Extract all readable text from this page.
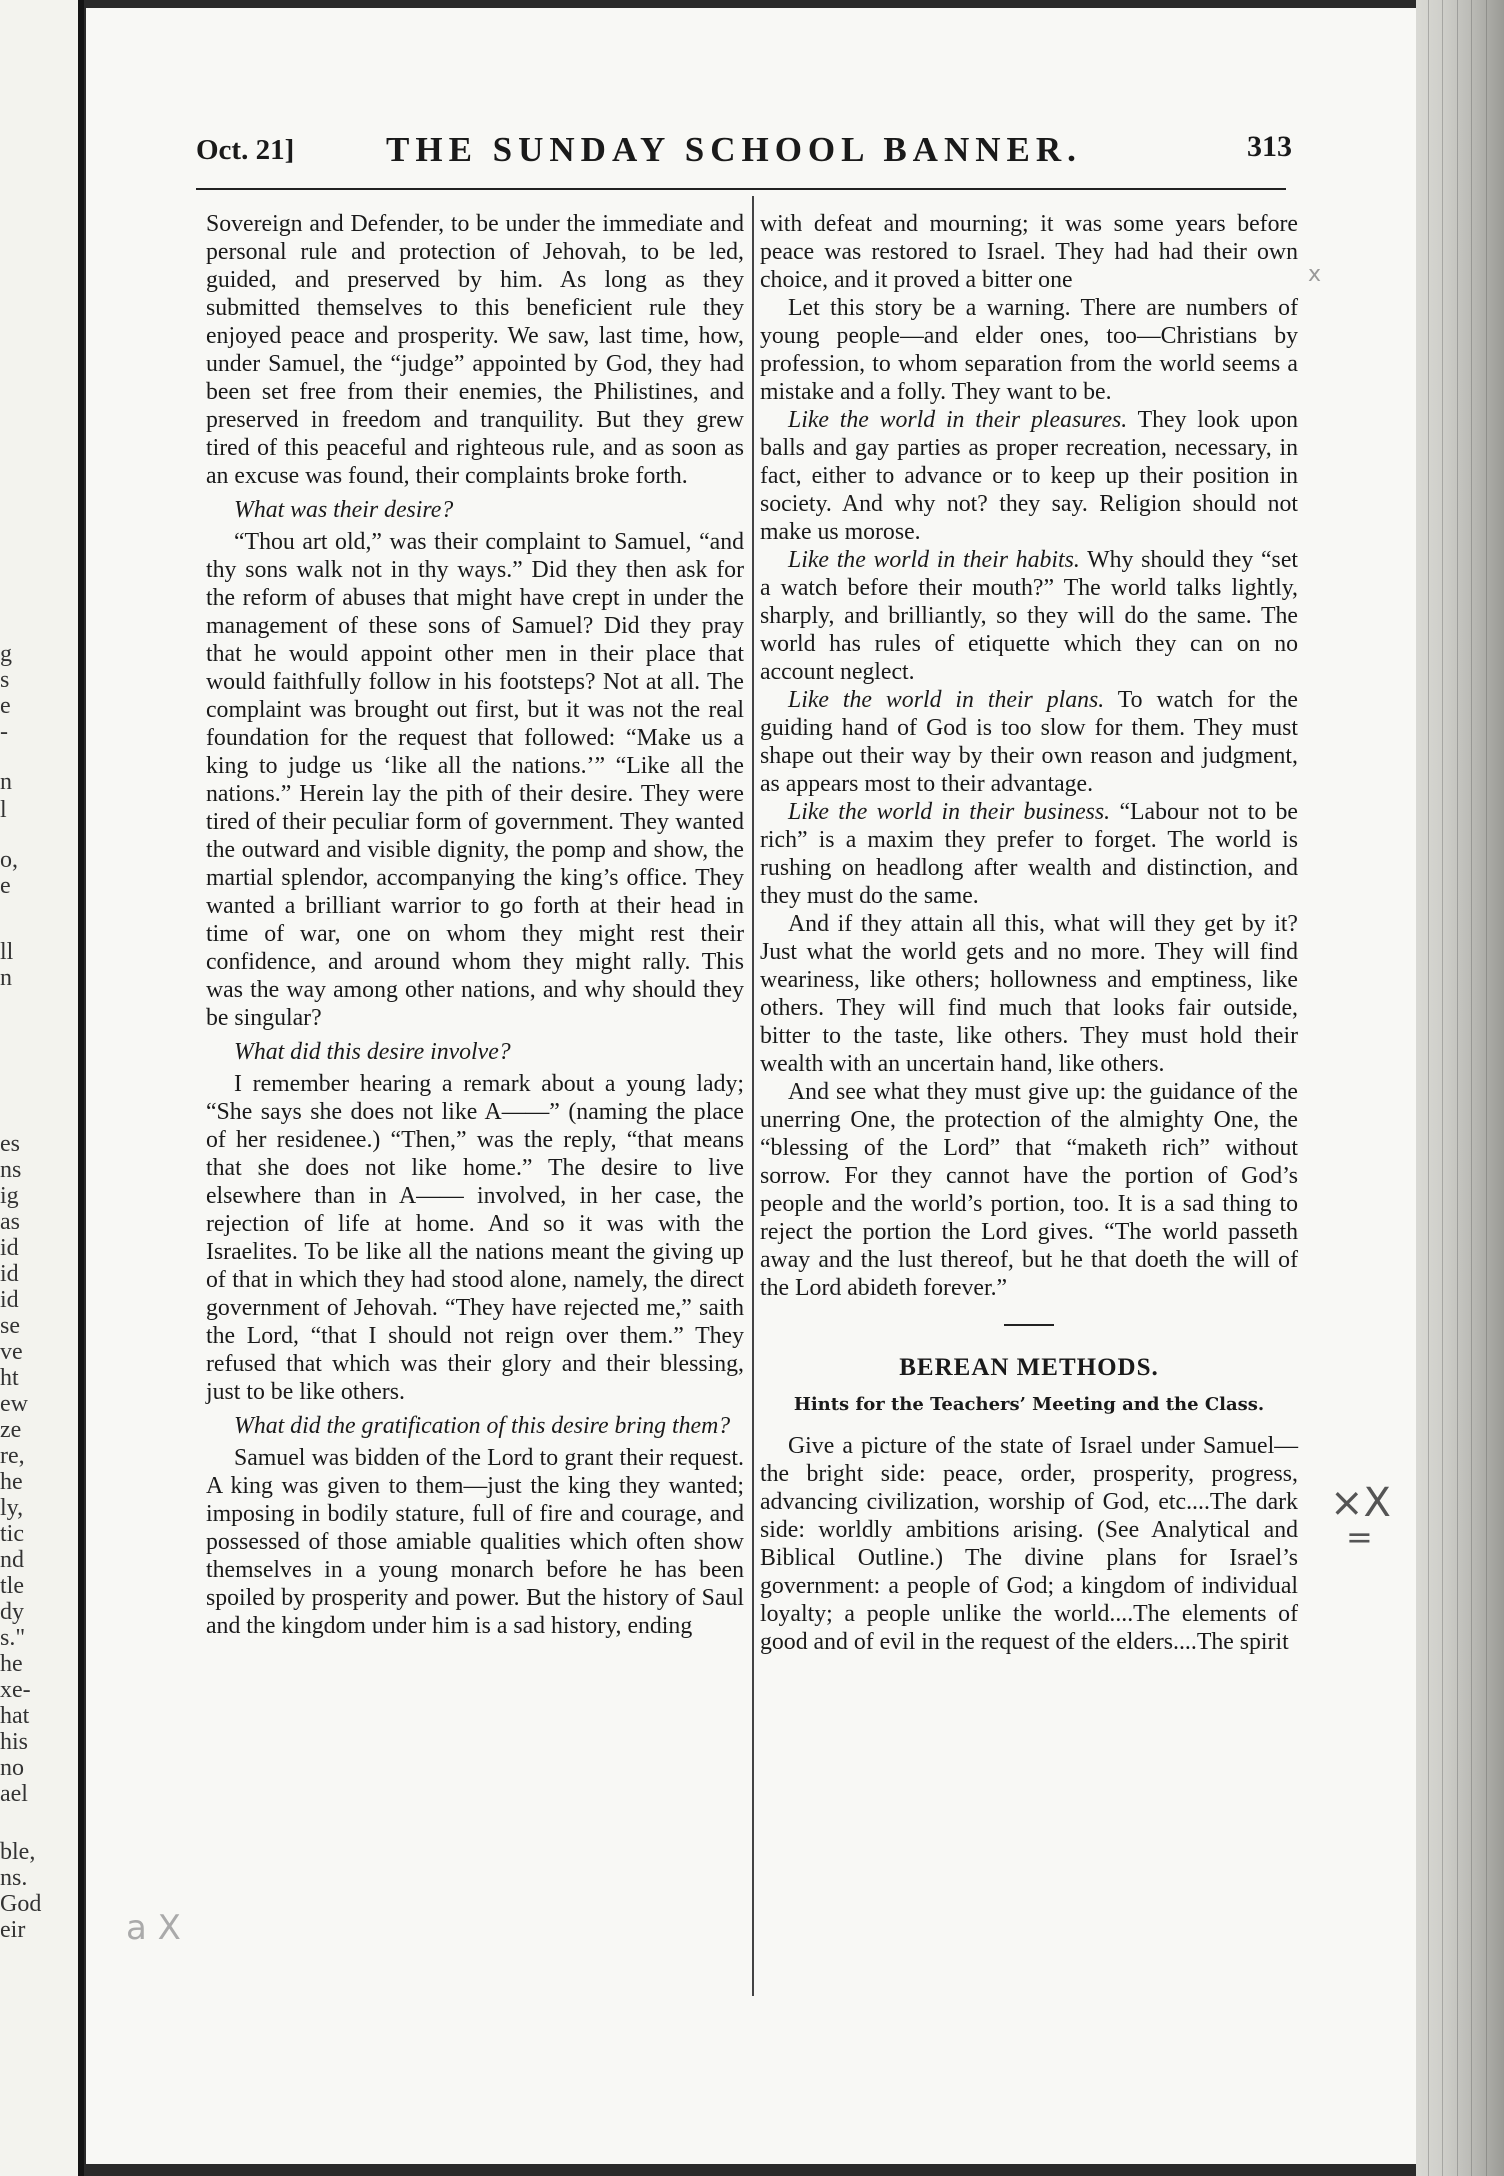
g
s
e
-
n
l
o,
e
ll
n
es
ns
ig
as
id
id
id
se
ve
ht
ew
ze
re,
he
ly,
tic
nd
tle
dy
s."
he
xe-
hat
his
no
ael
ble,
ns.
God
eir
Oct. 21]	THE SUNDAY SCHOOL BANNER.	313

Sovereign and Defender, to be under the immediate and personal rule and protection of Jehovah, to be led, guided, and preserved by him. As long as they submitted themselves to this beneficient rule they enjoyed peace and prosperity. We saw, last time, how, under Samuel, the “judge” appointed by God, they had been set free from their enemies, the Philistines, and preserved in freedom and tranquility. But they grew tired of this peaceful and righteous rule, and as soon as an excuse was found, their complaints broke forth.

What was their desire?

“Thou art old,” was their complaint to Samuel, “and thy sons walk not in thy ways.” Did they then ask for the reform of abuses that might have crept in under the management of these sons of Samuel? Did they pray that he would appoint other men in their place that would faithfully follow in his footsteps? Not at all. The complaint was brought out first, but it was not the real foundation for the request that followed: “Make us a king to judge us ‘like all the nations.’” “Like all the nations.” Herein lay the pith of their desire. They were tired of their peculiar form of government. They wanted the outward and visible dignity, the pomp and show, the martial splendor, accompanying the king’s office. They wanted a brilliant warrior to go forth at their head in time of war, one on whom they might rest their confidence, and around whom they might rally. This was the way among other nations, and why should they be singular?

What did this desire involve?

I remember hearing a remark about a young lady; “She says she does not like A——” (naming the place of her residenee.) “Then,” was the reply, “that means that she does not like home.” The desire to live elsewhere than in A—— involved, in her case, the rejection of life at home. And so it was with the Israelites. To be like all the nations meant the giving up of that in which they had stood alone, namely, the direct government of Jehovah. “They have rejected me,” saith the Lord, “that I should not reign over them.” They refused that which was their glory and their blessing, just to be like others.

What did the gratification of this desire bring them?

Samuel was bidden of the Lord to grant their request. A king was given to them—just the king they wanted; imposing in bodily stature, full of fire and courage, and possessed of those amiable qualities which often show themselves in a young monarch before he has been spoiled by prosperity and power. But the history of Saul and the kingdom under him is a sad history, ending

with defeat and mourning; it was some years before peace was restored to Israel. They had had their own choice, and it proved a bitter one

Let this story be a warning. There are numbers of young people—and elder ones, too—Christians by profession, to whom separation from the world seems a mistake and a folly. They want to be.

Like the world in their pleasures. They look upon balls and gay parties as proper recreation, necessary, in fact, either to advance or to keep up their position in society. And why not? they say. Religion should not make us morose.

Like the world in their habits. Why should they “set a watch before their mouth?” The world talks lightly, sharply, and brilliantly, so they will do the same. The world has rules of etiquette which they can on no account neglect.

Like the world in their plans. To watch for the guiding hand of God is too slow for them. They must shape out their way by their own reason and judgment, as appears most to their advantage.

Like the world in their business. “Labour not to be rich” is a maxim they prefer to forget. The world is rushing on headlong after wealth and distinction, and they must do the same.

And if they attain all this, what will they get by it? Just what the world gets and no more. They will find weariness, like others; hollowness and emptiness, like others. They will find much that looks fair outside, bitter to the taste, like others. They must hold their wealth with an uncertain hand, like others.

And see what they must give up: the guidance of the unerring One, the protection of the almighty One, the “blessing of the Lord” that “maketh rich” without sorrow. For they cannot have the portion of God’s people and the world’s portion, too. It is a sad thing to reject the portion the Lord gives. “The world passeth away and the lust thereof, but he that doeth the will of the Lord abideth forever.”

BEREAN METHODS.
Hints for the Teachers’ Meeting and the Class.

Give a picture of the state of Israel under Samuel—the bright side: peace, order, prosperity, progress, advancing civilization, worship of God, etc....The dark side: worldly ambitions arising. (See Analytical and Biblical Outline.) The divine plans for Israel’s government: a people of God; a kingdom of individual loyalty; a people unlike the world....The elements of good and of evil in the request of the elders....The spirit

×X
=
a X
x
